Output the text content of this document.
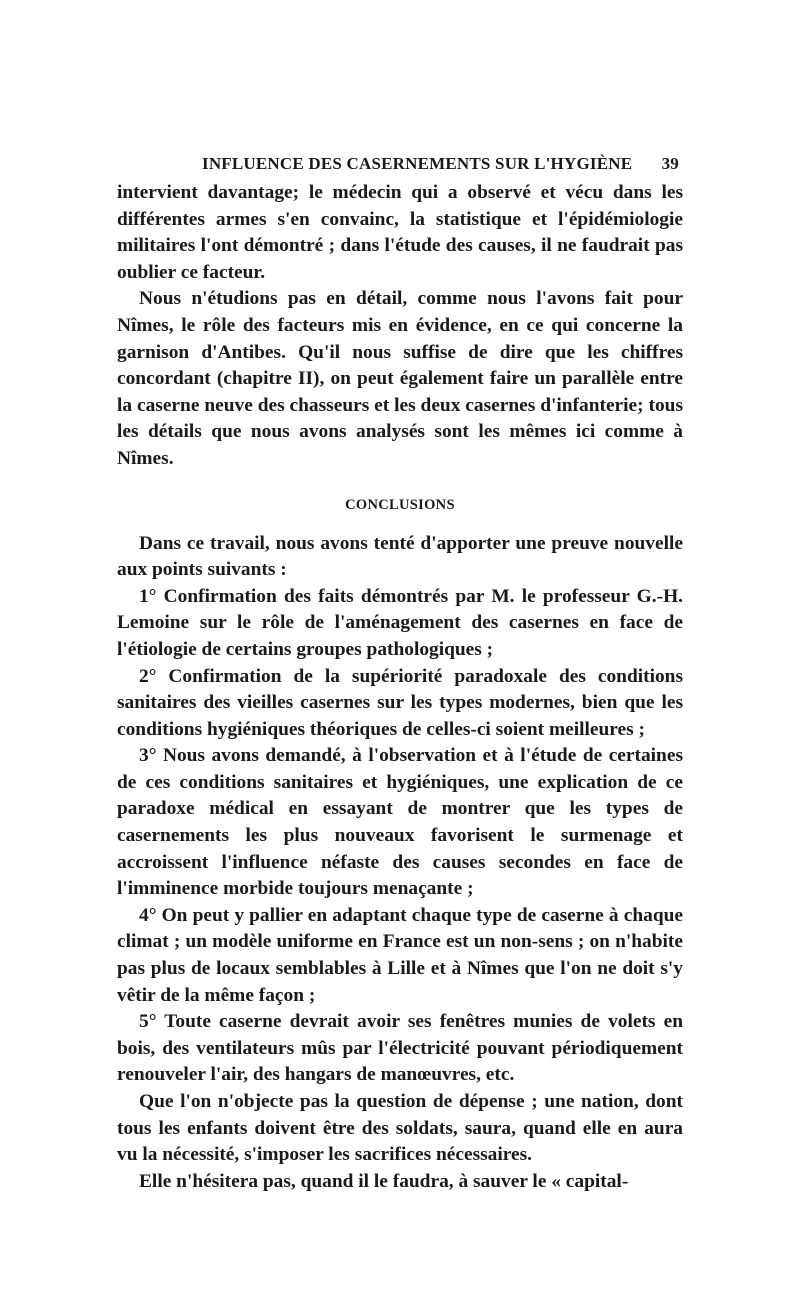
INFLUENCE DES CASERNEMENTS SUR L'HYGIÈNE 39

intervient davantage; le médecin qui a observé et vécu dans les différentes armes s'en convainc, la statistique et l'épidémiologie militaires l'ont démontré ; dans l'étude des causes, il ne faudrait pas oublier ce facteur.

Nous n'étudions pas en détail, comme nous l'avons fait pour Nîmes, le rôle des facteurs mis en évidence, en ce qui concerne la garnison d'Antibes. Qu'il nous suffise de dire que les chiffres concordant (chapitre II), on peut également faire un parallèle entre la caserne neuve des chasseurs et les deux casernes d'infanterie; tous les détails que nous avons analysés sont les mêmes ici comme à Nîmes.

CONCLUSIONS

Dans ce travail, nous avons tenté d'apporter une preuve nouvelle aux points suivants :

1° Confirmation des faits démontrés par M. le professeur G.-H. Lemoine sur le rôle de l'aménagement des casernes en face de l'étiologie de certains groupes pathologiques ;

2° Confirmation de la supériorité paradoxale des conditions sanitaires des vieilles casernes sur les types modernes, bien que les conditions hygiéniques théoriques de celles-ci soient meilleures ;

3° Nous avons demandé, à l'observation et à l'étude de certaines de ces conditions sanitaires et hygiéniques, une explication de ce paradoxe médical en essayant de montrer que les types de casernements les plus nouveaux favorisent le surmenage et accroissent l'influence néfaste des causes secondes en face de l'imminence morbide toujours menaçante ;

4° On peut y pallier en adaptant chaque type de caserne à chaque climat ; un modèle uniforme en France est un non-sens ; on n'habite pas plus de locaux semblables à Lille et à Nîmes que l'on ne doit s'y vêtir de la même façon ;

5° Toute caserne devrait avoir ses fenêtres munies de volets en bois, des ventilateurs mûs par l'électricité pouvant périodiquement renouveler l'air, des hangars de manœuvres, etc.

Que l'on n'objecte pas la question de dépense ; une nation, dont tous les enfants doivent être des soldats, saura, quand elle en aura vu la nécessité, s'imposer les sacrifices nécessaires.

Elle n'hésitera pas, quand il le faudra, à sauver le « capital-
